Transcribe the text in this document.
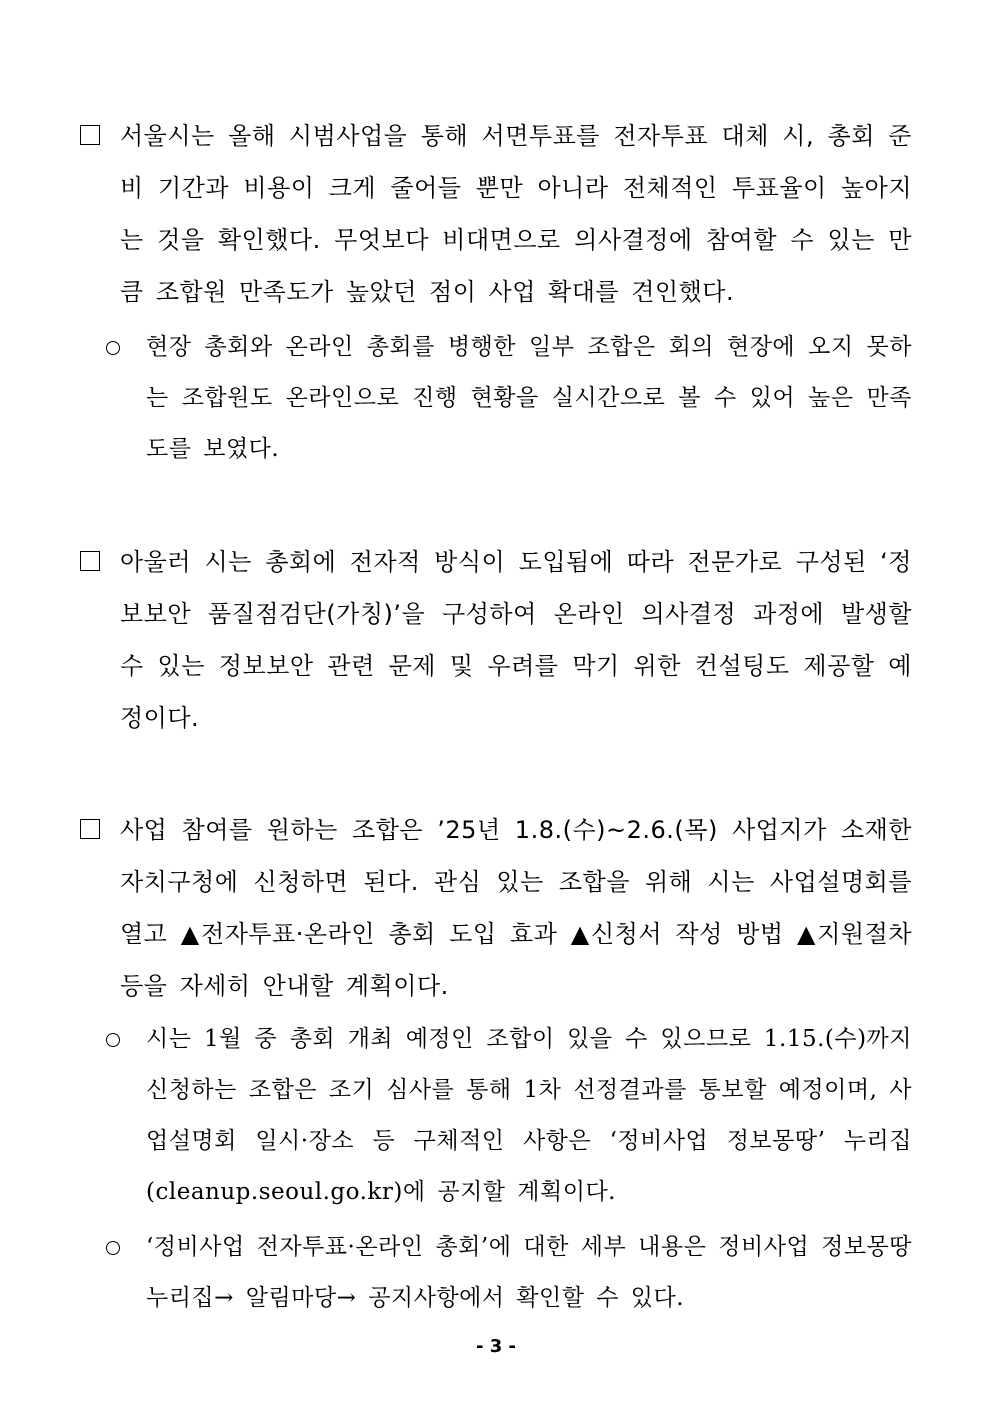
서울시는 올해 시범사업을 통해 서면투표를 전자투표 대체 시, 총회 준비 기간과 비용이 크게 줄어들 뿐만 아니라 전체적인 투표율이 높아지는 것을 확인했다. 무엇보다 비대면으로 의사결정에 참여할 수 있는 만큼 조합원 만족도가 높았던 점이 사업 확대를 견인했다.
현장 총회와 온라인 총회를 병행한 일부 조합은 회의 현장에 오지 못하는 조합원도 온라인으로 진행 현황을 실시간으로 볼 수 있어 높은 만족도를 보였다.
아울러 시는 총회에 전자적 방식이 도입됨에 따라 전문가로 구성된 ‘정보보안 품질점검단(가칭)’을 구성하여 온라인 의사결정 과정에 발생할 수 있는 정보보안 관련 문제 및 우려를 막기 위한 컨설팅도 제공할 예정이다.
사업 참여를 원하는 조합은 ’25년 1.8.(수)~2.6.(목) 사업지가 소재한 자치구청에 신청하면 된다. 관심 있는 조합을 위해 시는 사업설명회를 열고 ▲전자투표·온라인 총회 도입 효과 ▲신청서 작성 방법 ▲지원절차 등을 자세히 안내할 계획이다.
시는 1월 중 총회 개최 예정인 조합이 있을 수 있으므로 1.15.(수)까지 신청하는 조합은 조기 심사를 통해 1차 선정결과를 통보할 예정이며, 사업설명회 일시·장소 등 구체적인 사항은 ‘정비사업 정보몽땅’ 누리집(cleanup.seoul.go.kr)에 공지할 계획이다.
‘정비사업 전자투표·온라인 총회’에 대한 세부 내용은 정비사업 정보몽땅 누리집→ 알림마당→ 공지사항에서 확인할 수 있다.
- 3 -
